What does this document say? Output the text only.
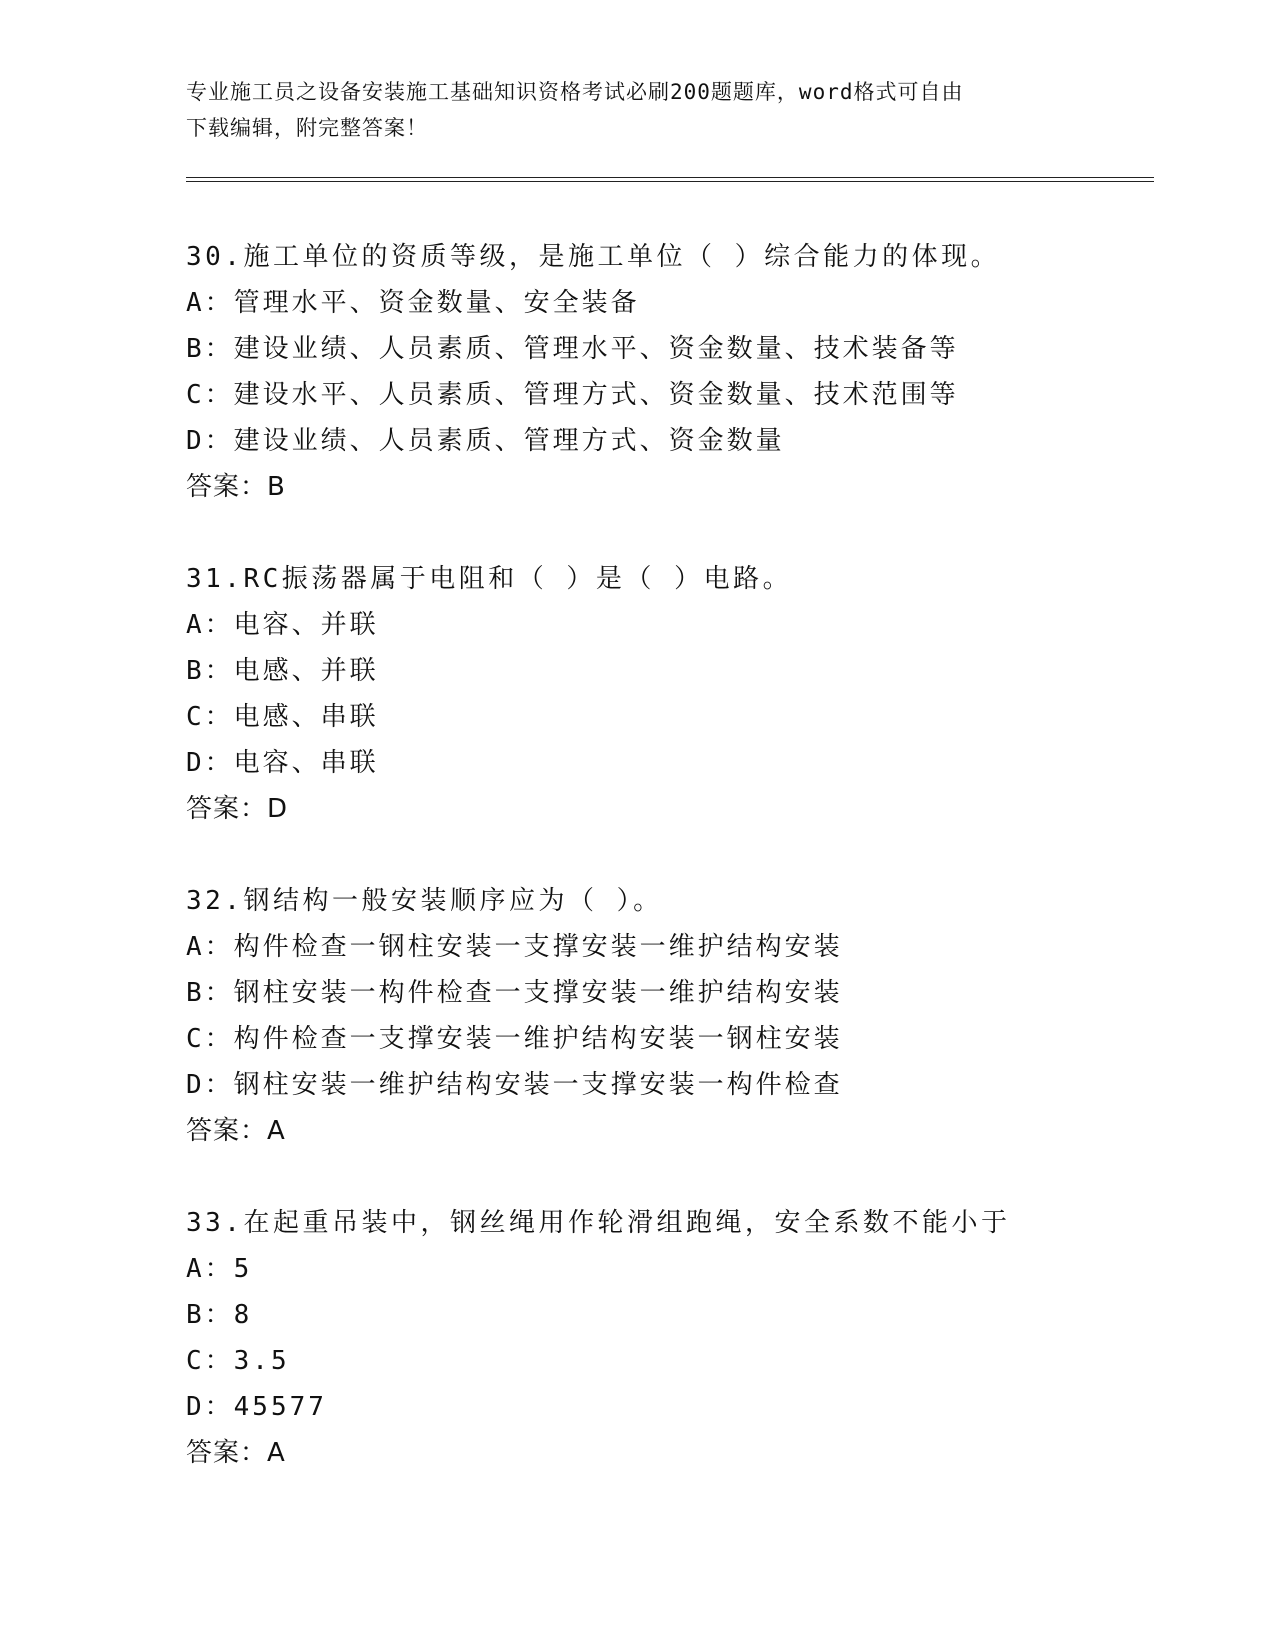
专业施工员之设备安装施工基础知识资格考试必刷200题题库，word格式可自由
下载编辑，附完整答案！
30.施工单位的资质等级，是施工单位（ ）综合能力的体现。
A：管理水平、资金数量、安全装备
B：建设业绩、人员素质、管理水平、资金数量、技术装备等
C：建设水平、人员素质、管理方式、资金数量、技术范围等
D：建设业绩、人员素质、管理方式、资金数量
答案：B
31.RC振荡器属于电阻和（ ）是（ ）电路。
A：电容、并联
B：电感、并联
C：电感、串联
D：电容、串联
答案：D
32.钢结构一般安装顺序应为（ ）。
A：构件检查一钢柱安装一支撑安装一维护结构安装
B：钢柱安装一构件检查一支撑安装一维护结构安装
C：构件检查一支撑安装一维护结构安装一钢柱安装
D：钢柱安装一维护结构安装一支撑安装一构件检查
答案：A
33.在起重吊装中，钢丝绳用作轮滑组跑绳，安全系数不能小于
A：5
B：8
C：3.5
D：45577
答案：A
